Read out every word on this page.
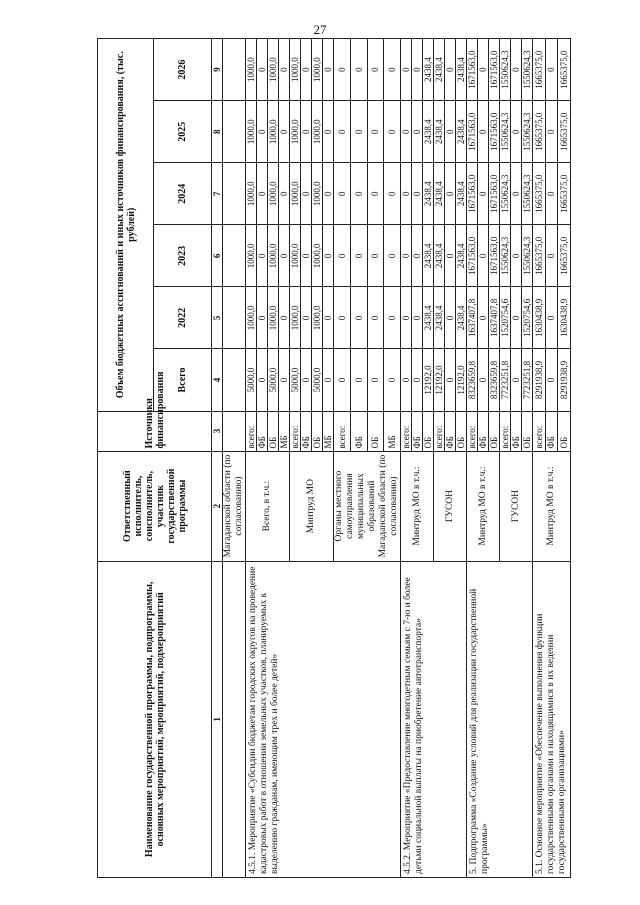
27
Наименование государственной программы, подпрограммы, основных мероприятий, мероприятий, подмероприятий	Ответственный исполнитель, соисполнитель, участник государственной программы	Источники финансирования	Объем бюджетных ассигнований и иных источников финансирования, (тыс. рублей)					
			Всего	2022	2023	2024	2025	2026
1	2	3	4	5	6	7	8	9
	Магаданской области (по согласованию)							
4.5.1. Мероприятие «Субсидии бюджетам городских округов на проведение кадастровых работ в отношении земельных участков, планируемых к выделению гражданам, имеющим трех и более детей»	Всего, в т.ч.:	всего:	5000,0	1000,0	1000,0	1000,0	1000,0	1000,0
		ФБ	0	0	0	0	0	0
		ОБ	5000,0	1000,0	1000,0	1000,0	1000,0	1000,0
		МБ	0	0	0	0	0	0
	Минтруд МО	всего:	5000,0	1000,0	1000,0	1000,0	1000,0	1000,0
		ФБ	0	0	0	0	0	0
		ОБ	5000,0	1000,0	1000,0	1000,0	1000,0	1000,0
		МБ	0	0	0	0	0	0
	Органы местного самоуправления муниципальных образований Магаданской области (по согласованию)	всего:	0	0	0	0	0	0
		ФБ	0	0	0	0	0	0
		ОБ	0	0	0	0	0	0
		МБ	0	0	0	0	0	0
4.5.2. Мероприятие «Предоставление многодетным семьям с 7-ю и более детьми социальной выплаты на приобретение автотранспорта»	Минтруд МО в т.ч.:	всего:	0	0	0	0	0	0
		ФБ	0	0	0	0	0	0
		ОБ	12192,0	2438,4	2438,4	2438,4	2438,4	2438,4
	ГУСОН	всего:	12192,0	2438,4	2438,4	2438,4	2438,4	2438,4
		ФБ	0	0	0	0	0	0
		ОБ	12192,0	2438,4	2438,4	2438,4	2438,4	2438,4
5. Подпрограмма «Создание условий для реализации государственной программы»	Минтруд МО в т.ч.:	всего:	8323659,8	1637407,8	1671563,0	1671563,0	1671563,0	1671563,0
		ФБ	0	0	0	0	0	0
		ОБ	8323659,8	1637407,8	1671563,0	1671563,0	1671563,0	1671563,0
	ГУСОН	всего:	7723251,8	1520754,6	1550624,3	1550624,3	1550624,3	1550624,3
		ФБ	0	0	0	0	0	0
		ОБ	7723251,8	1520754,6	1550624,3	1550624,3	1550624,3	1550624,3
5.1. Основное мероприятие «Обеспечение выполнения функции государственными органами и находящимися в их ведении государственными организациями»	Минтруд МО в т.ч.:	всего:	8291938,9	1630438,9	1665375,0	1665375,0	1665375,0	1665375,0
		ФБ	0	0	0	0	0	0
		ОБ	8291938,9	1630438,9	1665375,0	1665375,0	1665375,0	1665375,0
